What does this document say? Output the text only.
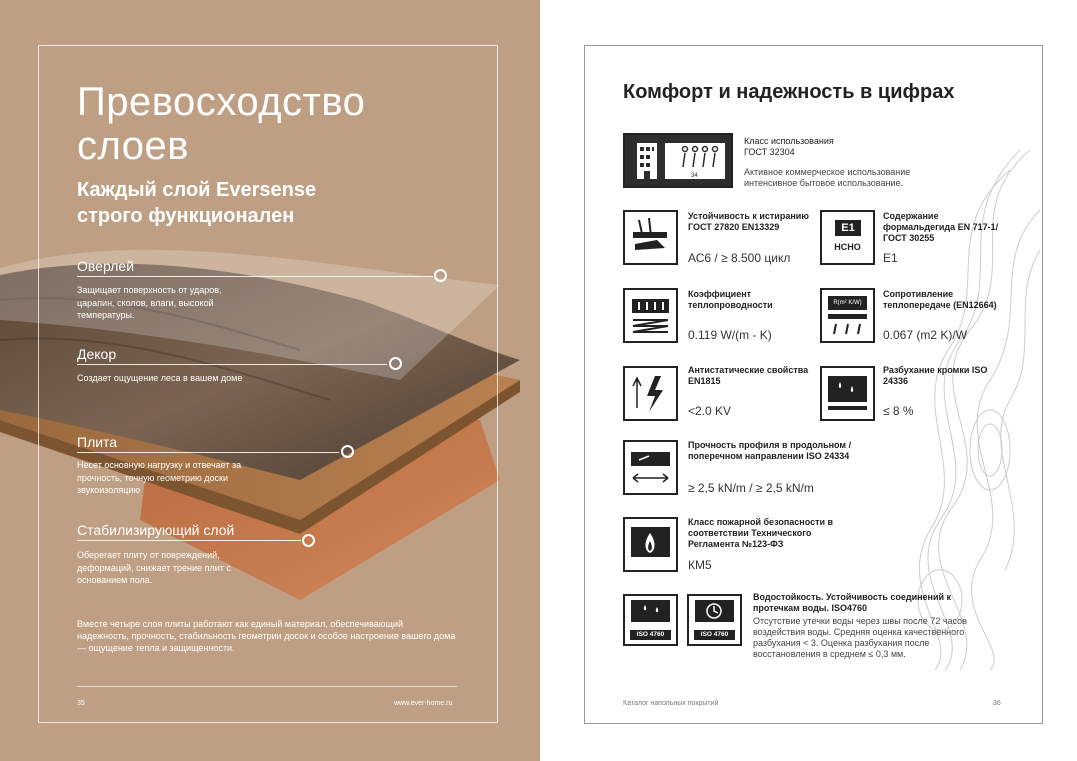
Превосходство
слоев
Каждый слой Eversense
строго функционален
Оверлей
Защищает поверхность от ударов, царапин, сколов, влаги, высокой температуры.
Декор
Создает ощущение леса в вашем доме
Плита
Несет основную нагрузку и отвечает за прочность, точную геометрию доски звукоизоляцию
Стабилизирующий слой
Оберегает плиту от повреждений, деформаций, снижает трение плит с основанием пола.
Вместе четыре слоя плиты работают как единый материал, обеспечивающий надежность, прочность, стабильность геометрии досок и особое настроение вашего дома — ощущение тепла и защищенности.
35	www.ever-home.ru
Комфорт и надежность в цифрах
34
Класс использования
ГОСТ 32304
Активное коммерческое использование интенсивное бытовое использование.
Устойчивость к истиранию ГОСТ 27820 EN13329
АС6 / ≥ 8.500 цикл
E1
НСНО
Содержание формальдегида EN 717-1/ГОСТ 30255
E1
Коэффициент теплопроводности
0.119 W/(m - K)
R(m² K/W)
Сопротивление теплопередаче (EN12664)
0.067 (m2 K)/W
Антистатические свойства EN1815
<2.0 KV
Разбухание кромки ISO 24336
≤ 8 %
Прочность профиля в продольном / поперечном направлении ISO 24334
≥ 2,5 kN/m / ≥ 2,5 kN/m
Класс пожарной безопасности в соответствии Технического Регламента №123-ФЗ
КМ5
ISO 4760	ISO 4760
Водостойкость. Устойчивость соединений к протечкам воды. ISO4760
Отсутствие утечки воды через швы после 72 часов воздействия воды. Средняя оценка качественного разбухания < 3. Оценка разбухания после восстановления в среднем ≤ 0,3 мм.
Каталог напольных покрытий	36
